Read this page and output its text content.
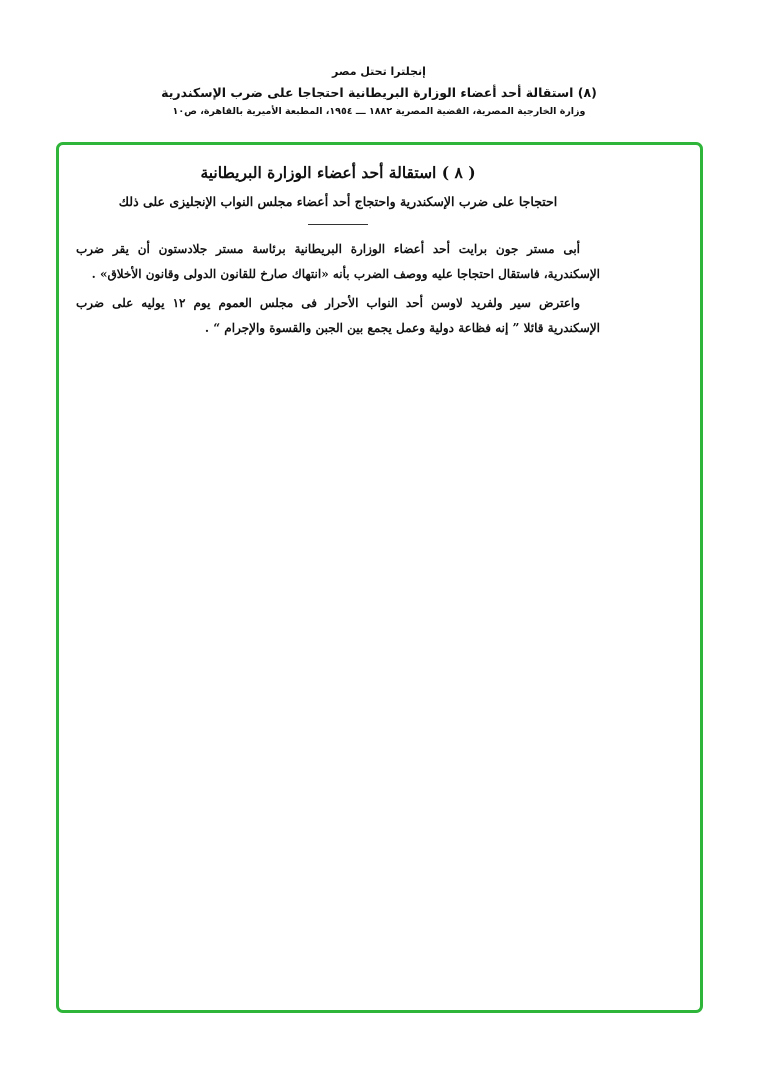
إنجلترا تحتل مصر
(٨) استقالة أحد أعضاء الوزارة البريطانية احتجاجا على ضرب الإسكندرية
وزارة الخارجية المصرية، القضية المصرية ١٨٨٢ ـــ ١٩٥٤، المطبعة الأميرية بالقاهرة، ص١٠
( ٨ ) استقالة أحد أعضاء الوزارة البريطانية
احتجاجا على ضرب الإسكندرية واحتجاج أحد أعضاء مجلس النواب الإنجليزى على ذلك

أبى مستر جون برايت أحد أعضاء الوزارة البريطانية برئاسة مستر جلادستون أن يقر ضرب الإسكندرية، فاستقال احتجاجا عليه ووصف الضرب بأنه «انتهاك صارخ للقانون الدولى وقانون الأخلاق» .

واعترض سير ولفريد لاوسن أحد النواب الأحرار فى مجلس العموم يوم ١٢ يوليه على ضرب الإسكندرية قائلا ” إنه فظاعة دولية وعمل يجمع بين الجبن والقسوة والإجرام “ .
